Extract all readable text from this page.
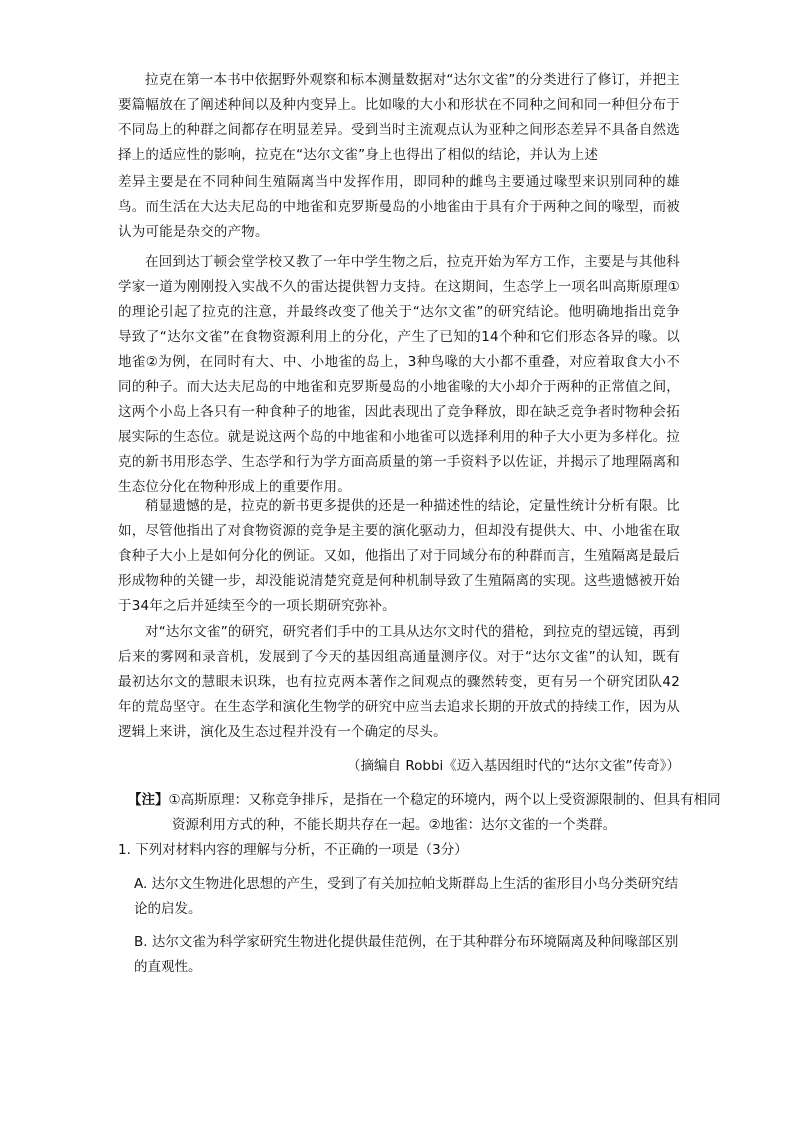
拉克在第一本书中依据野外观察和标本测量数据对“达尔文雀”的分类进行了修订，并把主要篇幅放在了阐述种间以及种内变异上。比如喙的大小和形状在不同种之间和同一种但分布于不同岛上的种群之间都存在明显差异。受到当时主流观点认为亚种之间形态差异不具备自然选择上的适应性的影响，拉克在“达尔文雀”身上也得出了相似的结论，并认为上述

差异主要是在不同种间生殖隔离当中发挥作用，即同种的雌鸟主要通过喙型来识别同种的雄鸟。而生活在大达夫尼岛的中地雀和克罗斯曼岛的小地雀由于具有介于两种之间的喙型，而被认为可能是杂交的产物。

在回到达丁顿会堂学校又教了一年中学生物之后，拉克开始为军方工作，主要是与其他科学家一道为刚刚投入实战不久的雷达提供智力支持。在这期间，生态学上一项名叫高斯原理①的理论引起了拉克的注意，并最终改变了他关于“达尔文雀”的研究结论。他明确地指出竞争导致了“达尔文雀”在食物资源利用上的分化，产生了已知的14个种和它们形态各异的喙。以地雀②为例，在同时有大、中、小地雀的岛上，3种鸟喙的大小都不重叠，对应着取食大小不同的种子。而大达夫尼岛的中地雀和克罗斯曼岛的小地雀喙的大小却介于两种的正常值之间，这两个小岛上各只有一种食种子的地雀，因此表现出了竞争释放，即在缺乏竞争者时物种会拓展实际的生态位。就是说这两个岛的中地雀和小地雀可以选择利用的种子大小更为多样化。拉克的新书用形态学、生态学和行为学方面高质量的第一手资料予以佐证，并揭示了地理隔离和生态位分化在物种形成上的重要作用。

稍显遗憾的是，拉克的新书更多提供的还是一种描述性的结论，定量性统计分析有限。比如，尽管他指出了对食物资源的竞争是主要的演化驱动力，但却没有提供大、中、小地雀在取食种子大小上是如何分化的例证。又如，他指出了对于同域分布的种群而言，生殖隔离是最后形成物种的关键一步，却没能说清楚究竟是何种机制导致了生殖隔离的实现。这些遗憾被开始于34年之后并延续至今的一项长期研究弥补。

对“达尔文雀”的研究，研究者们手中的工具从达尔文时代的猎枪，到拉克的望远镜，再到后来的雾网和录音机，发展到了今天的基因组高通量测序仪。对于“达尔文雀”的认知，既有最初达尔文的慧眼未识珠，也有拉克两本著作之间观点的骤然转变，更有另一个研究团队42年的荒岛坚守。在生态学和演化生物学的研究中应当去追求长期的开放式的持续工作，因为从逻辑上来讲，演化及生态过程并没有一个确定的尽头。

（摘编自 Robbi《迈入基因组时代的“达尔文雀”传奇》）

【注】①高斯原理：又称竞争排斥，是指在一个稳定的环境内，两个以上受资源限制的、但具有相同资源利用方式的种，不能长期共存在一起。②地雀：达尔文雀的一个类群。

1. 下列对材料内容的理解与分析，不正确的一项是（3分）

A. 达尔文生物进化思想的产生，受到了有关加拉帕戈斯群岛上生活的雀形目小鸟分类研究结论的启发。

B. 达尔文雀为科学家研究生物进化提供最佳范例，在于其种群分布环境隔离及种间喙部区别的直观性。
